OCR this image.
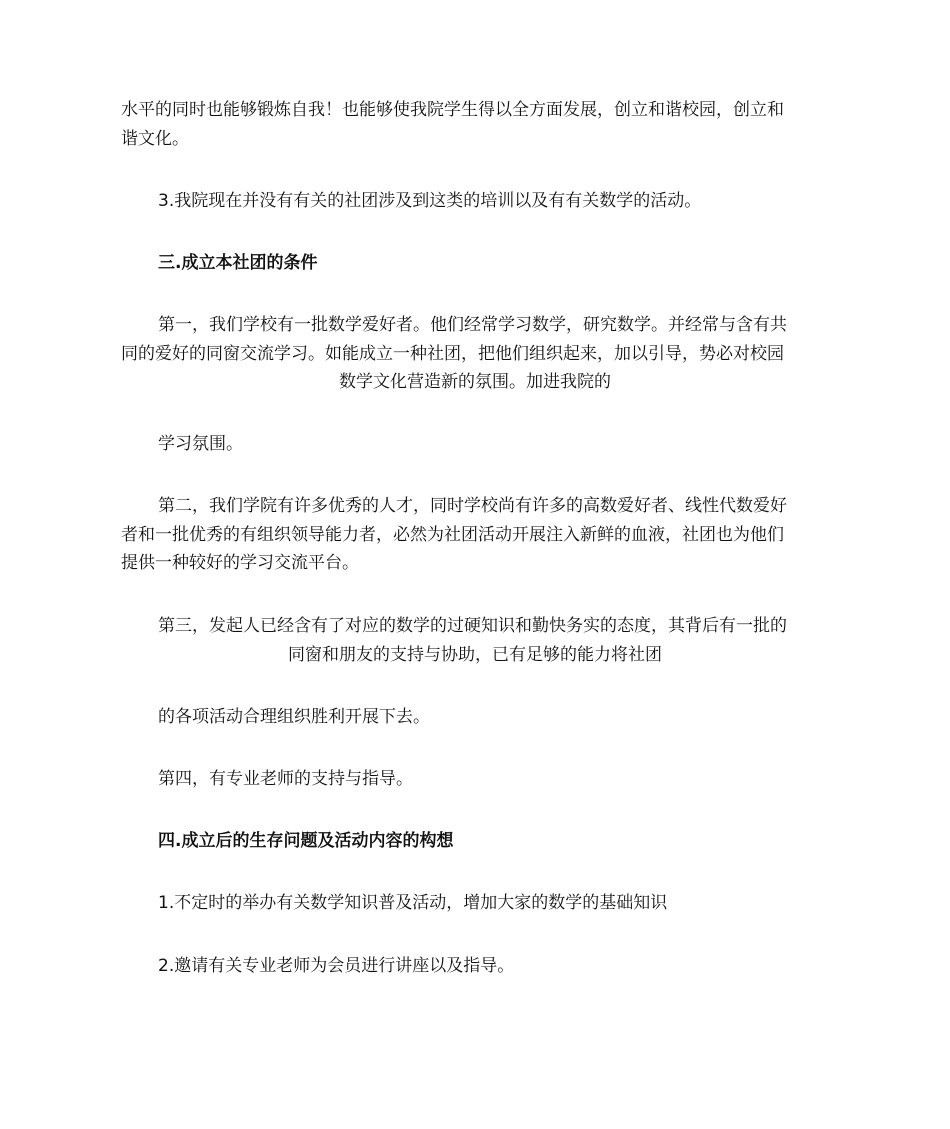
水平的同时也能够锻炼自我！也能够使我院学生得以全方面发展，创立和谐校园，创立和
谐文化。
3.我院现在并没有有关的社团涉及到这类的培训以及有有关数学的活动。
三.成立本社团的条件
第一，我们学校有一批数学爱好者。他们经常学习数学，研究数学。并经常与含有共
同的爱好的同窗交流学习。如能成立一种社团，把他们组织起来，加以引导，势必对校园
数学文化营造新的氛围。加进我院的
学习氛围。
第二，我们学院有许多优秀的人才，同时学校尚有许多的高数爱好者、线性代数爱好
者和一批优秀的有组织领导能力者，必然为社团活动开展注入新鲜的血液，社团也为他们
提供一种较好的学习交流平台。
第三，发起人已经含有了对应的数学的过硬知识和勤快务实的态度，其背后有一批的
同窗和朋友的支持与协助，已有足够的能力将社团
的各项活动合理组织胜利开展下去。
第四，有专业老师的支持与指导。
四.成立后的生存问题及活动内容的构想
1.不定时的举办有关数学知识普及活动，增加大家的数学的基础知识
2.邀请有关专业老师为会员进行讲座以及指导。
